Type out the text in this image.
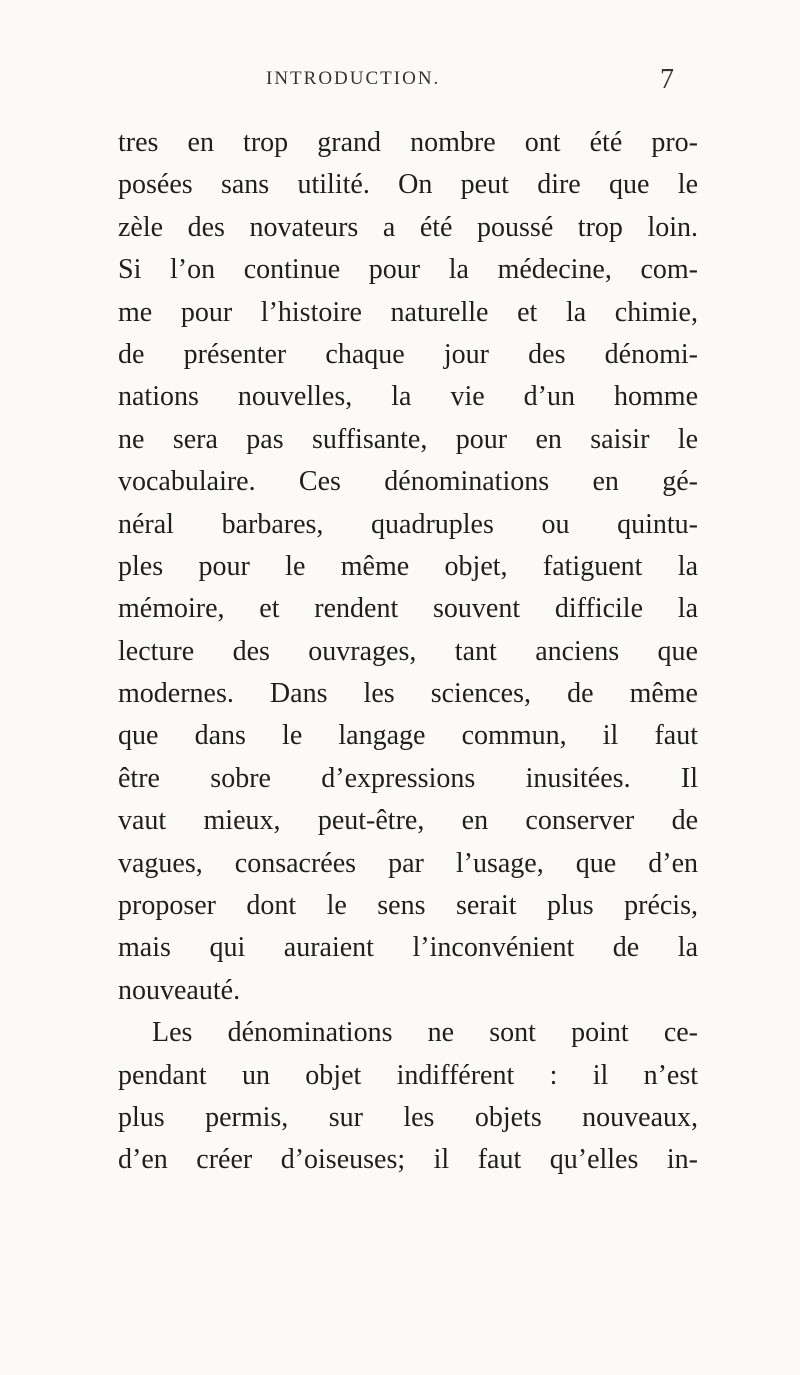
INTRODUCTION.	7
tres en trop grand nombre ont été pro-
posées sans utilité. On peut dire que le
zèle des novateurs a été poussé trop loin.
Si l’on continue pour la médecine, com-
me pour l’histoire naturelle et la chimie,
de présenter chaque jour des dénomi-
nations nouvelles, la vie d’un homme
ne sera pas suffisante, pour en saisir le
vocabulaire. Ces dénominations en gé-
néral barbares, quadruples ou quintu-
ples pour le même objet, fatiguent la
mémoire, et rendent souvent difficile la
lecture des ouvrages, tant anciens que
modernes. Dans les sciences, de même
que dans le langage commun, il faut
être sobre d’expressions inusitées. Il
vaut mieux, peut-être, en conserver de
vagues, consacrées par l’usage, que d’en
proposer dont le sens serait plus précis,
mais qui auraient l’inconvénient de la
nouveauté.
Les dénominations ne sont point ce-
pendant un objet indifférent : il n’est
plus permis, sur les objets nouveaux,
d’en créer d’oiseuses; il faut qu’elles in-
